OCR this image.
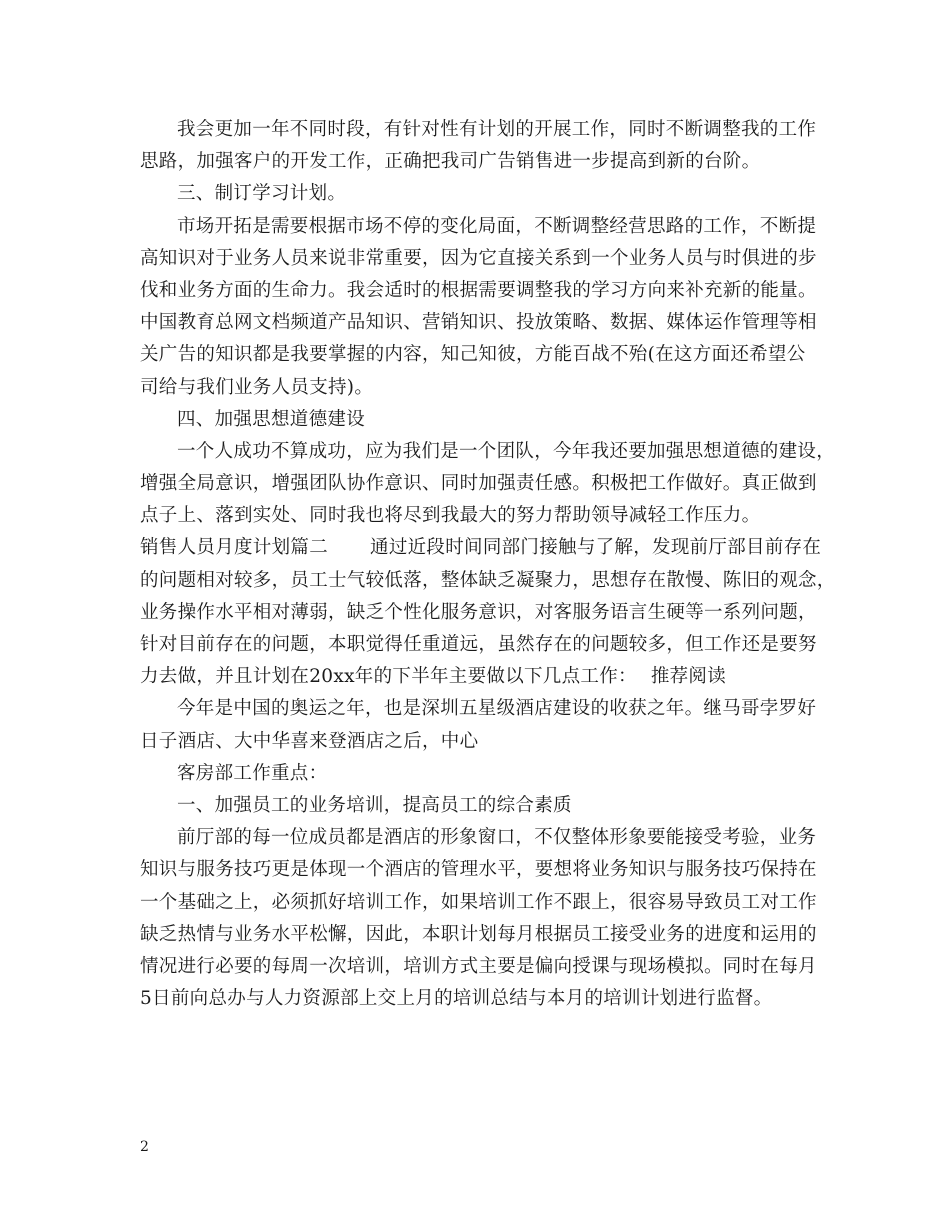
我会更加一年不同时段，有针对性有计划的开展工作，同时不断调整我的工作
思路，加强客户的开发工作，正确把我司广告销售进一步提高到新的台阶。
三、制订学习计划。
市场开拓是需要根据市场不停的变化局面，不断调整经营思路的工作，不断提
高知识对于业务人员来说非常重要，因为它直接关系到一个业务人员与时俱进的步
伐和业务方面的生命力。我会适时的根据需要调整我的学习方向来补充新的能量。
中国教育总网文档频道产品知识、营销知识、投放策略、数据、媒体运作管理等相
关广告的知识都是我要掌握的内容，知己知彼，方能百战不殆(在这方面还希望公
司给与我们业务人员支持)。
四、加强思想道德建设
一个人成功不算成功，应为我们是一个团队，今年我还要加强思想道德的建设，
增强全局意识，增强团队协作意识、同时加强责任感。积极把工作做好。真正做到
点子上、落到实处、同时我也将尽到我最大的努力帮助领导减轻工作压力。
销售人员月度计划篇二 通过近段时间同部门接触与了解，发现前厅部目前存在
的问题相对较多，员工士气较低落，整体缺乏凝聚力，思想存在散慢、陈旧的观念，
业务操作水平相对薄弱，缺乏个性化服务意识，对客服务语言生硬等一系列问题，
针对目前存在的问题，本职觉得任重道远，虽然存在的问题较多，但工作还是要努
力去做，并且计划在20xx年的下半年主要做以下几点工作： 推荐阅读
今年是中国的奥运之年，也是深圳五星级酒店建设的收获之年。继马哥孛罗好
日子酒店、大中华喜来登酒店之后，中心
客房部工作重点：
一、加强员工的业务培训，提高员工的综合素质
前厅部的每一位成员都是酒店的形象窗口，不仅整体形象要能接受考验，业务
知识与服务技巧更是体现一个酒店的管理水平，要想将业务知识与服务技巧保持在
一个基础之上，必须抓好培训工作，如果培训工作不跟上，很容易导致员工对工作
缺乏热情与业务水平松懈，因此，本职计划每月根据员工接受业务的进度和运用的
情况进行必要的每周一次培训，培训方式主要是偏向授课与现场模拟。同时在每月
5日前向总办与人力资源部上交上月的培训总结与本月的培训计划进行监督。
2
